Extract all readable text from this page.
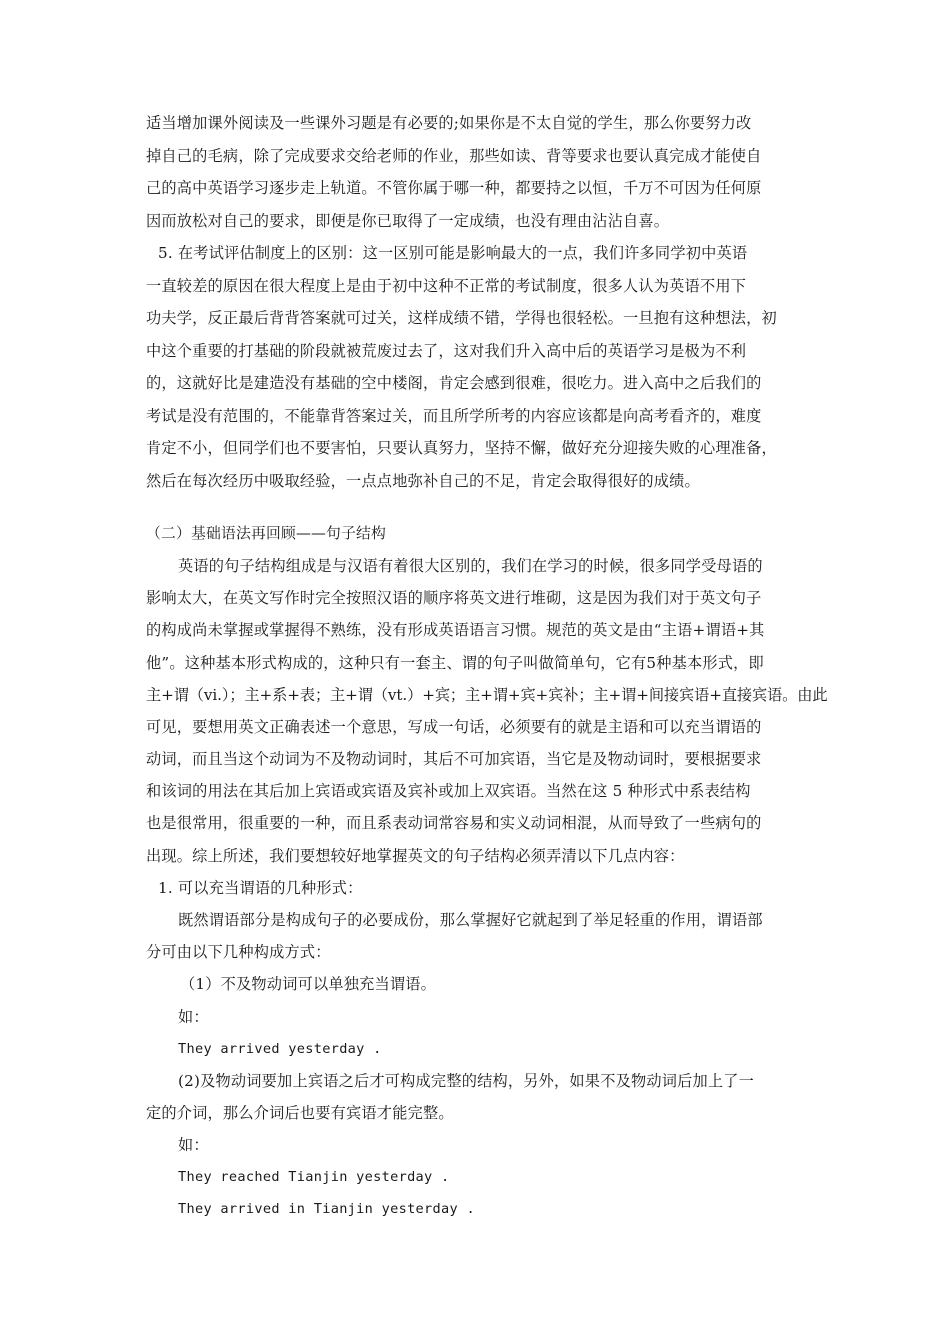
适当增加课外阅读及一些课外习题是有必要的;如果你是不太自觉的学生，那么你要努力改
掉自己的毛病，除了完成要求交给老师的作业，那些如读、背等要求也要认真完成才能使自
己的高中英语学习逐步走上轨道。不管你属于哪一种，都要持之以恒，千万不可因为任何原
因而放松对自己的要求，即便是你已取得了一定成绩，也没有理由沾沾自喜。
5. 在考试评估制度上的区别：这一区别可能是影响最大的一点，我们许多同学初中英语
一直较差的原因在很大程度上是由于初中这种不正常的考试制度，很多人认为英语不用下
功夫学，反正最后背背答案就可过关，这样成绩不错，学得也很轻松。一旦抱有这种想法，初
中这个重要的打基础的阶段就被荒废过去了，这对我们升入高中后的英语学习是极为不利
的，这就好比是建造没有基础的空中楼阁，肯定会感到很难，很吃力。进入高中之后我们的
考试是没有范围的，不能靠背答案过关，而且所学所考的内容应该都是向高考看齐的，难度
肯定不小，但同学们也不要害怕，只要认真努力，坚持不懈，做好充分迎接失败的心理准备，
然后在每次经历中吸取经验，一点点地弥补自己的不足，肯定会取得很好的成绩。
（二）基础语法再回顾——句子结构
英语的句子结构组成是与汉语有着很大区别的，我们在学习的时候，很多同学受母语的
影响太大，在英文写作时完全按照汉语的顺序将英文进行堆砌，这是因为我们对于英文句子
的构成尚未掌握或掌握得不熟练，没有形成英语语言习惯。规范的英文是由“主语+谓语+其
他”。这种基本形式构成的，这种只有一套主、谓的句子叫做简单句，它有5种基本形式，即
主+谓（vi.）；主+系+表；主+谓（vt.）+宾；主+谓+宾+宾补；主+谓+间接宾语+直接宾语。由此
可见，要想用英文正确表述一个意思，写成一句话，必须要有的就是主语和可以充当谓语的
动词，而且当这个动词为不及物动词时，其后不可加宾语，当它是及物动词时，要根据要求
和该词的用法在其后加上宾语或宾语及宾补或加上双宾语。当然在这 5 种形式中系表结构
也是很常用，很重要的一种，而且系表动词常容易和实义动词相混，从而导致了一些病句的
出现。综上所述，我们要想较好地掌握英文的句子结构必须弄清以下几点内容：
1. 可以充当谓语的几种形式：
既然谓语部分是构成句子的必要成份，那么掌握好它就起到了举足轻重的作用，谓语部
分可由以下几种构成方式：
（1）不及物动词可以单独充当谓语。
如：
They arrived yesterday .
(2)及物动词要加上宾语之后才可构成完整的结构，另外，如果不及物动词后加上了一
定的介词，那么介词后也要有宾语才能完整。
如：
They reached Tianjin yesterday .
They arrived in Tianjin yesterday .
